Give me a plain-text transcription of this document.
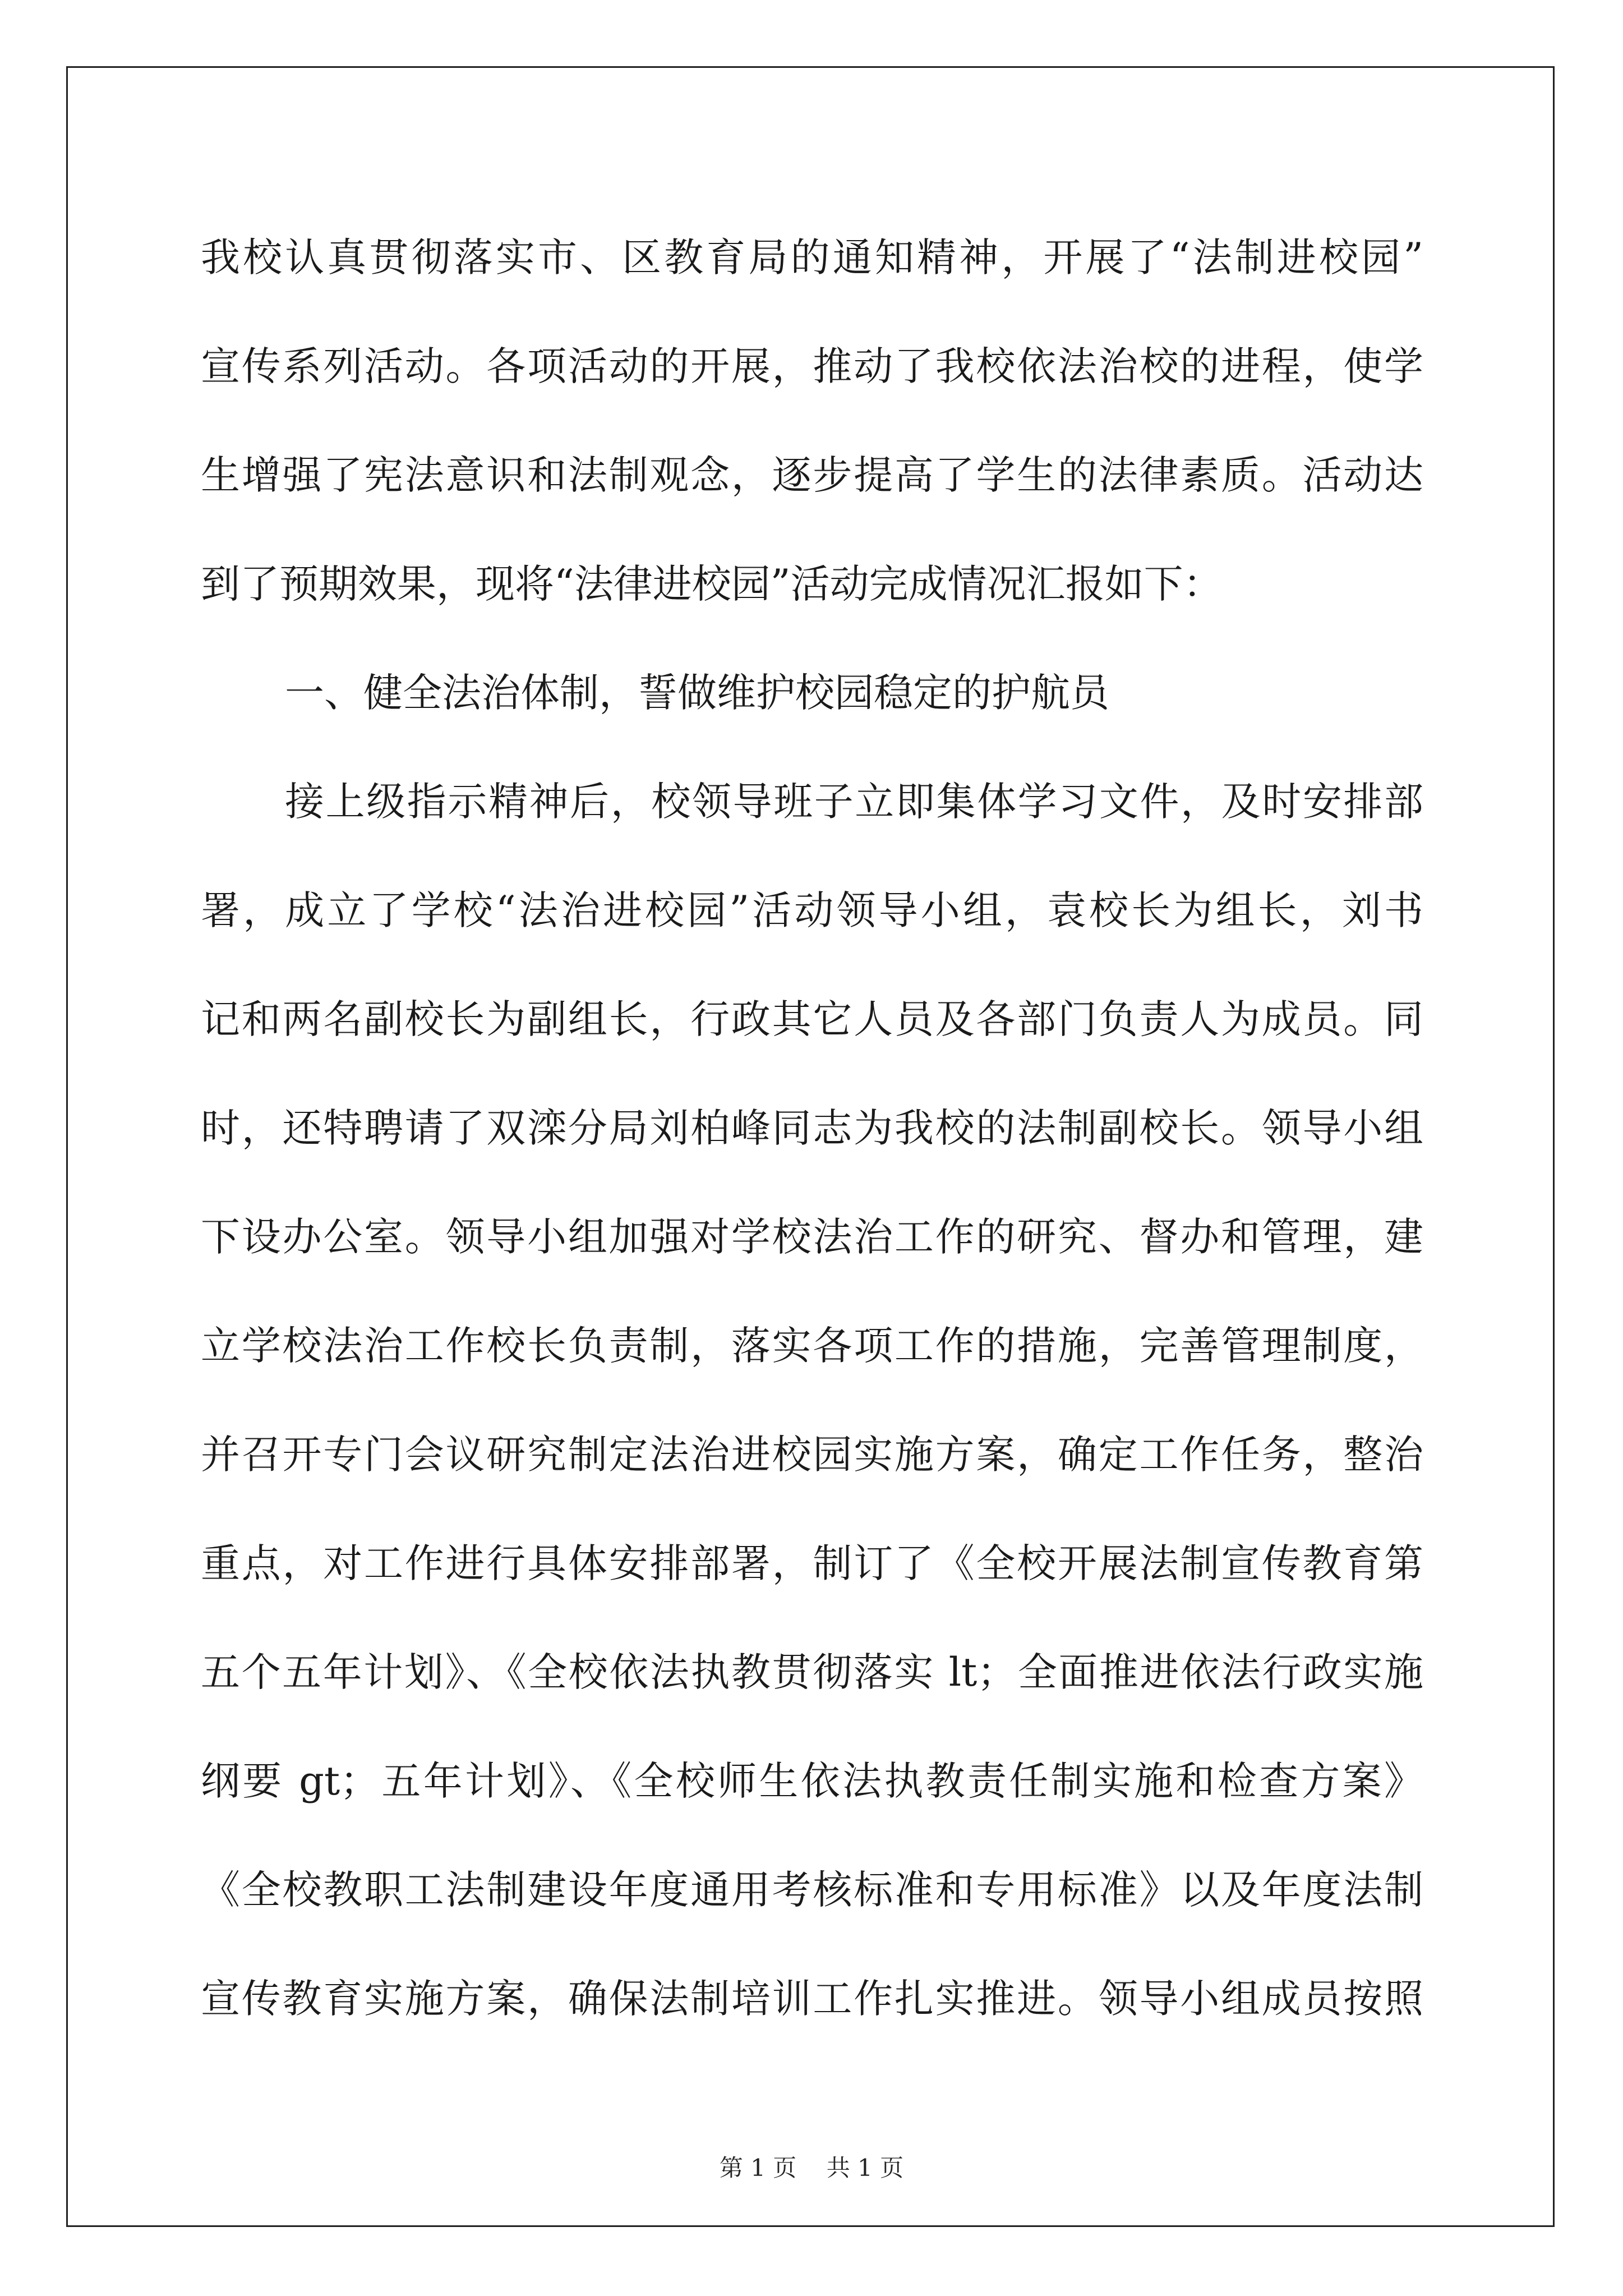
我校认真贯彻落实市、区教育局的通知精神，开展了“法制进校园”
宣传系列活动。各项活动的开展，推动了我校依法治校的进程，使学
生增强了宪法意识和法制观念，逐步提高了学生的法律素质。活动达
到了预期效果，现将“法律进校园”活动完成情况汇报如下：
一、健全法治体制，誓做维护校园稳定的护航员
接上级指示精神后，校领导班子立即集体学习文件，及时安排部
署，成立了学校“法治进校园”活动领导小组，袁校长为组长，刘书
记和两名副校长为副组长，行政其它人员及各部门负责人为成员。同
时，还特聘请了双滦分局刘柏峰同志为我校的法制副校长。领导小组
下设办公室。领导小组加强对学校法治工作的研究、督办和管理，建
立学校法治工作校长负责制，落实各项工作的措施，完善管理制度，
并召开专门会议研究制定法治进校园实施方案，确定工作任务，整治
重点，对工作进行具体安排部署，制订了《全校开展法制宣传教育第
五个五年计划》、《全校依法执教贯彻落实 lt；全面推进依法行政实施
纲要 gt；五年计划》、《全校师生依法执教责任制实施和检查方案》
《全校教职工法制建设年度通用考核标准和专用标准》以及年度法制
宣传教育实施方案，确保法制培训工作扎实推进。领导小组成员按照
第 1 页 共 1 页
